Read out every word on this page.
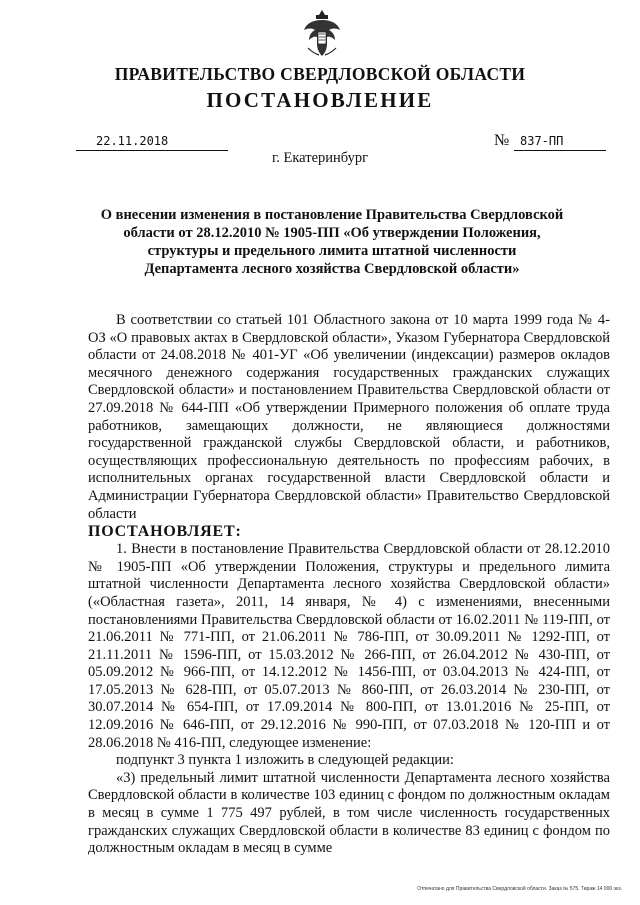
ПРАВИТЕЛЬСТВО СВЕРДЛОВСКОЙ ОБЛАСТИ
ПОСТАНОВЛЕНИЕ
22.11.2018	№ 837-ПП
г. Екатеринбург
О внесении изменения в постановление Правительства Свердловской области от 28.12.2010 № 1905-ПП «Об утверждении Положения, структуры и предельного лимита штатной численности Департамента лесного хозяйства Свердловской области»

В соответствии со статьей 101 Областного закона от 10 марта 1999 года № 4-ОЗ «О правовых актах в Свердловской области», Указом Губернатора Свердловской области от 24.08.2018 № 401-УГ «Об увеличении (индексации) размеров окладов месячного денежного содержания государственных гражданских служащих Свердловской области» и постановлением Правительства Свердловской области от 27.09.2018 № 644-ПП «Об утверждении Примерного положения об оплате труда работников, замещающих должности, не являющиеся должностями государственной гражданской службы Свердловской области, и работников, осуществляющих профессиональную деятельность по профессиям рабочих, в исполнительных органах государственной власти Свердловской области и Администрации Губернатора Свердловской области» Правительство Свердловской области

ПОСТАНОВЛЯЕТ:

1. Внести в постановление Правительства Свердловской области от 28.12.2010 № 1905-ПП «Об утверждении Положения, структуры и предельного лимита штатной численности Департамента лесного хозяйства Свердловской области» («Областная газета», 2011, 14 января, № 4) с изменениями, внесенными постановлениями Правительства Свердловской области от 16.02.2011 № 119-ПП, от 21.06.2011 № 771-ПП, от 21.06.2011 № 786-ПП, от 30.09.2011 № 1292-ПП, от 21.11.2011 № 1596-ПП, от 15.03.2012 № 266-ПП, от 26.04.2012 № 430-ПП, от 05.09.2012 № 966-ПП, от 14.12.2012 № 1456-ПП, от 03.04.2013 № 424-ПП, от 17.05.2013 № 628-ПП, от 05.07.2013 № 860-ПП, от 26.03.2014 № 230-ПП, от 30.07.2014 № 654-ПП, от 17.09.2014 № 800-ПП, от 13.01.2016 № 25-ПП, от 12.09.2016 № 646-ПП, от 29.12.2016 № 990-ПП, от 07.03.2018 № 120-ПП и от 28.06.2018 № 416-ПП, следующее изменение:

подпункт 3 пункта 1 изложить в следующей редакции:

«3) предельный лимит штатной численности Департамента лесного хозяйства Свердловской области в количестве 103 единиц с фондом по должностным окладам в месяц в сумме 1 775 497 рублей, в том числе численность государственных гражданских служащих Свердловской области в количестве 83 единиц с фондом по должностным окладам в месяц в сумме

Отпечатано для Правительства Свердловской области. Заказ № 575. Тираж 14 000 экз.
